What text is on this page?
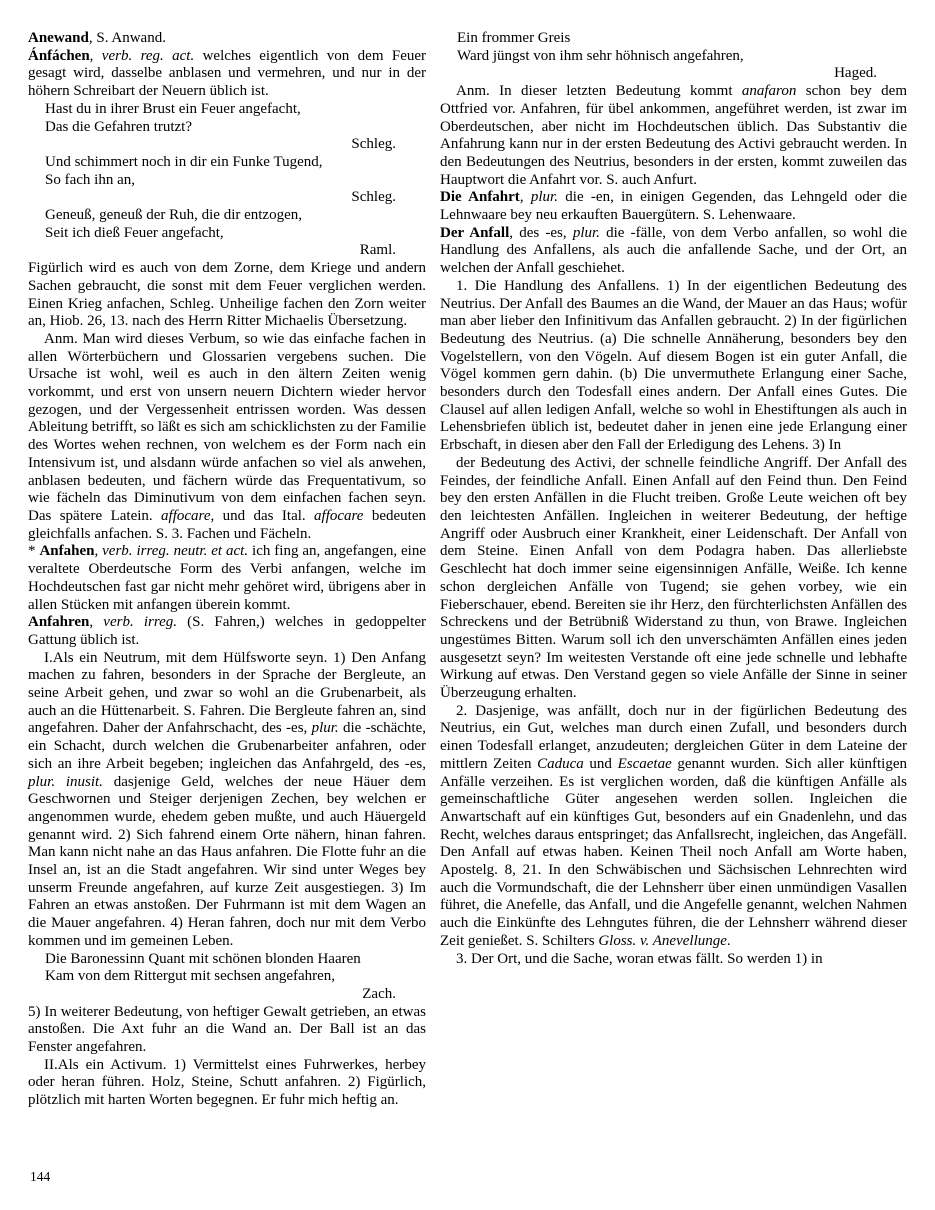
Anewand, S. Anwand.

Ánfáchen, verb. reg. act. welches eigentlich von dem Feuer gesagt wird, dasselbe anblasen und vermehren, und nur in der höhern Schreibart der Neuern üblich ist.

Hast du in ihrer Brust ein Feuer angefacht,
Das die Gefahren trutzt?
Schleg.
Und schimmert noch in dir ein Funke Tugend,
So fach ihn an,
Schleg.
Geneuß, geneuß der Ruh, die dir entzogen,
Seit ich dieß Feuer angefacht,
Raml.

Figürlich wird es auch von dem Zorne, dem Kriege und andern Sachen gebraucht, die sonst mit dem Feuer verglichen werden. Einen Krieg anfachen, Schleg. Unheilige fachen den Zorn weiter an, Hiob. 26, 13. nach des Herrn Ritter Michaelis Übersetzung.

Anm. Man wird dieses Verbum, so wie das einfache fachen in allen Wörterbüchern und Glossarien vergebens suchen. Die Ursache ist wohl, weil es auch in den ältern Zeiten wenig vorkommt, und erst von unsern neuern Dichtern wieder hervor gezogen, und der Vergessenheit entrissen worden. Was dessen Ableitung betrifft, so läßt es sich am schicklichsten zu der Familie des Wortes wehen rechnen, von welchem es der Form nach ein Intensivum ist, und alsdann würde anfachen so viel als anwehen, anblasen bedeuten, und fächern würde das Frequentativum, so wie fächeln das Diminutivum von dem einfachen fachen seyn. Das spätere Latein. affocare, und das Ital. affocare bedeuten gleichfalls anfachen. S. 3. Fachen und Fächeln.

* Anfahen, verb. irreg. neutr. et act. ich fing an, angefangen, eine veraltete Oberdeutsche Form des Verbi anfangen, welche im Hochdeutschen fast gar nicht mehr gehöret wird, übrigens aber in allen Stücken mit anfangen überein kommt.

Anfahren, verb. irreg. (S. Fahren,) welches in gedoppelter Gattung üblich ist.

I.Als ein Neutrum, mit dem Hülfsworte seyn. 1) Den Anfang machen zu fahren, besonders in der Sprache der Bergleute, an seine Arbeit gehen, und zwar so wohl an die Grubenarbeit, als auch an die Hüttenarbeit. S. Fahren. Die Bergleute fahren an, sind angefahren. Daher der Anfahrschacht, des -es, plur. die -schächte, ein Schacht, durch welchen die Grubenarbeiter anfahren, oder sich an ihre Arbeit begeben; ingleichen das Anfahrgeld, des -es, plur. inusit. dasjenige Geld, welches der neue Häuer dem Geschwornen und Steiger derjenigen Zechen, bey welchen er angenommen wurde, ehedem geben mußte, und auch Häuergeld genannt wird. 2) Sich fahrend einem Orte nähern, hinan fahren. Man kann nicht nahe an das Haus anfahren. Die Flotte fuhr an die Insel an, ist an die Stadt angefahren. Wir sind unter Weges bey unserm Freunde angefahren, auf kurze Zeit ausgestiegen. 3) Im Fahren an etwas anstoßen. Der Fuhrmann ist mit dem Wagen an die Mauer angefahren. 4) Heran fahren, doch nur mit dem Verbo kommen und im gemeinen Leben.

Die Baronessinn Quant mit schönen blonden Haaren
Kam von dem Rittergut mit sechsen angefahren,
Zach.

5) In weiterer Bedeutung, von heftiger Gewalt getrieben, an etwas anstoßen. Die Axt fuhr an die Wand an. Der Ball ist an das Fenster angefahren.

II.Als ein Activum. 1) Vermittelst eines Fuhrwerkes, herbey oder heran führen. Holz, Steine, Schutt anfahren. 2) Figürlich, plötzlich mit harten Worten begegnen. Er fuhr mich heftig an.

Ein frommer Greis
Ward jüngst von ihm sehr höhnisch angefahren,
Haged.

Anm. In dieser letzten Bedeutung kommt anafaron schon bey dem Ottfried vor. Anfahren, für übel ankommen, angeführet werden, ist zwar im Oberdeutschen, aber nicht im Hochdeutschen üblich. Das Substantiv die Anfahrung kann nur in der ersten Bedeutung des Activi gebraucht werden. In den Bedeutungen des Neutrius, besonders in der ersten, kommt zuweilen das Hauptwort die Anfahrt vor. S. auch Anfurt.

Die Anfahrt, plur. die -en, in einigen Gegenden, das Lehngeld oder die Lehnwaare bey neu erkauften Bauergütern. S. Lehenwaare.

Der Anfall, des -es, plur. die -fälle, von dem Verbo anfallen, so wohl die Handlung des Anfallens, als auch die anfallende Sache, und der Ort, an welchen der Anfall geschiehet.

1. Die Handlung des Anfallens. 1) In der eigentlichen Bedeutung des Neutrius. Der Anfall des Baumes an die Wand, der Mauer an das Haus; wofür man aber lieber den Infinitivum das Anfallen gebraucht. 2) In der figürlichen Bedeutung des Neutrius. (a) Die schnelle Annäherung, besonders bey den Vogelstellern, von den Vögeln. Auf diesem Bogen ist ein guter Anfall, die Vögel kommen gern dahin. (b) Die unvermuthete Erlangung einer Sache, besonders durch den Todesfall eines andern. Der Anfall eines Gutes. Die Clausel auf allen ledigen Anfall, welche so wohl in Ehestiftungen als auch in Lehensbriefen üblich ist, bedeutet daher in jenen eine jede Erlangung einer Erbschaft, in diesen aber den Fall der Erledigung des Lehens. 3) In

der Bedeutung des Activi, der schnelle feindliche Angriff. Der Anfall des Feindes, der feindliche Anfall. Einen Anfall auf den Feind thun. Den Feind bey den ersten Anfällen in die Flucht treiben. Große Leute weichen oft bey den leichtesten Anfällen. Ingleichen in weiterer Bedeutung, der heftige Angriff oder Ausbruch einer Krankheit, einer Leidenschaft. Der Anfall von dem Steine. Einen Anfall von dem Podagra haben. Das allerliebste Geschlecht hat doch immer seine eigensinnigen Anfälle, Weiße. Ich kenne schon dergleichen Anfälle von Tugend; sie gehen vorbey, wie ein Fieberschauer, ebend. Bereiten sie ihr Herz, den fürchterlichsten Anfällen des Schreckens und der Betrübniß Widerstand zu thun, von Brawe. Ingleichen ungestümes Bitten. Warum soll ich den unverschämten Anfällen eines jeden ausgesetzt seyn? Im weitesten Verstande oft eine jede schnelle und lebhafte Wirkung auf etwas. Den Verstand gegen so viele Anfälle der Sinne in seiner Überzeugung erhalten.

2. Dasjenige, was anfällt, doch nur in der figürlichen Bedeutung des Neutrius, ein Gut, welches man durch einen Zufall, und besonders durch einen Todesfall erlanget, anzudeuten; dergleichen Güter in dem Lateine der mittlern Zeiten Caduca und Escaetae genannt wurden. Sich aller künftigen Anfälle verzeihen. Es ist verglichen worden, daß die künftigen Anfälle als gemeinschaftliche Güter angesehen werden sollen. Ingleichen die Anwartschaft auf ein künftiges Gut, besonders auf ein Gnadenlehn, und das Recht, welches daraus entspringet; das Anfallsrecht, ingleichen, das Angefäll. Den Anfall auf etwas haben. Keinen Theil noch Anfall am Worte haben, Apostelg. 8, 21. In den Schwäbischen und Sächsischen Lehnrechten wird auch die Vormundschaft, die der Lehnsherr über einen unmündigen Vasallen führet, die Anefelle, das Anfall, und die Angefelle genannt, welchen Nahmen auch die Einkünfte des Lehngutes führen, die der Lehnsherr während dieser Zeit genießet. S. Schilters Gloss. v. Anevellunge.

3. Der Ort, und die Sache, woran etwas fällt. So werden 1) in

144
